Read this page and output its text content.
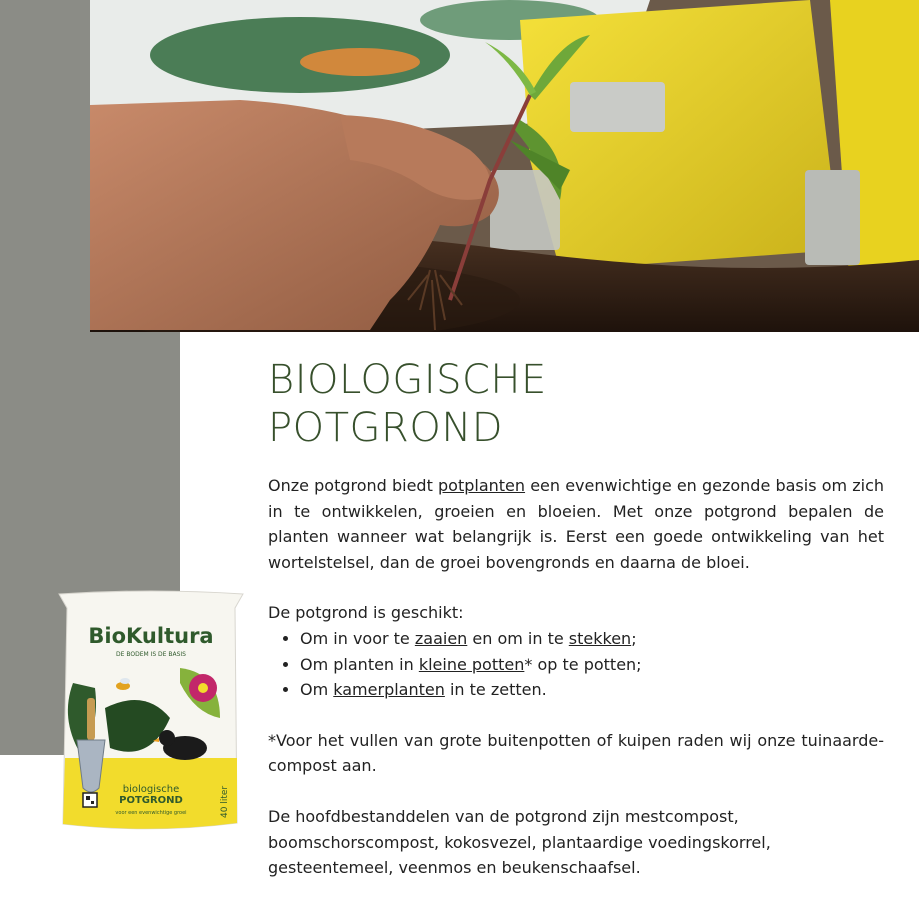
BIOLOGISCHE
POTGROND

Onze potgrond biedt potplanten een evenwichtige en gezonde basis om zich in te ontwikkelen, groeien en bloeien. Met onze potgrond bepalen de planten wanneer wat belangrijk is. Eerst een goede ontwikkeling van het wortelstelsel, dan de groei bovengronds en daarna de bloei.

De potgrond is geschikt:

• Om in voor te zaaien en om in te stekken;
• Om planten in kleine potten* op te potten;
• Om kamerplanten in te zetten.

*Voor het vullen van grote buitenpotten of kuipen raden wij onze tuinaarde-compost aan.

De hoofdbestanddelen van de potgrond zijn mestcompost, boomschorscompost, kokosvezel, plantaardige voedingskorrel, gesteentemeel, veenmos en beukenschaafsel.

BioKultura
DE BODEM IS DE BASIS
biologische
POTGROND
voor een evenwichtige groei	40 liter
